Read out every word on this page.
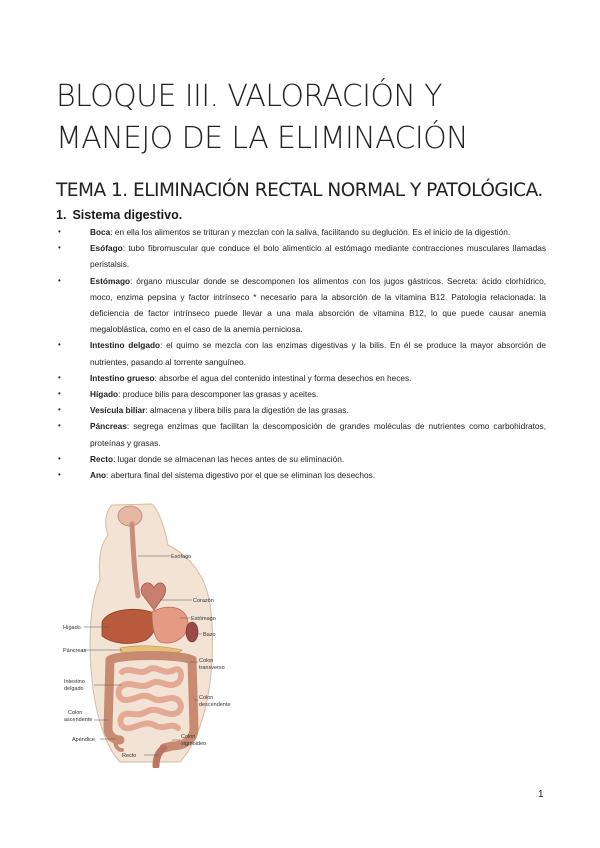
BLOQUE III. VALORACIÓN Y
MANEJO DE LA ELIMINACIÓN
TEMA 1. ELIMINACIÓN RECTAL NORMAL Y PATOLÓGICA.
1. Sistema digestivo.
•	Boca: en ella los alimentos se trituran y mezclan con la saliva, facilitando su deglución. Es el inicio de la digestión.
•	Esófago: tubo fibromuscular que conduce el bolo alimenticio al estómago mediante contracciones musculares llamadas peristalsis.
•	Estómago: órgano muscular donde se descomponen los alimentos con los jugos gástricos. Secreta: ácido clorhídrico, moco, enzima pepsina y factor intrínseco * necesario para la absorción de la vitamina B12. Patología relacionada: la deficiencia de factor intrínseco puede llevar a una mala absorción de vitamina B12, lo que puede causar anemia megaloblástica, como en el caso de la anemia perniciosa.
•	Intestino delgado: el quimo se mezcla con las enzimas digestivas y la bilis. En él se produce la mayor absorción de nutrientes, pasando al torrente sanguíneo.
•	Intestino grueso: absorbe el agua del contenido intestinal y forma desechos en heces.
•	Hígado: produce bilis para descomponer las grasas y aceites.
•	Vesícula biliar: almacena y libera bilis para la digestión de las grasas.
•	Páncreas: segrega enzimas que facilitan la descomposición de grandes moléculas de nutrientes como carbohidratos, proteínas y grasas.
•	Recto: lugar donde se almacenan las heces antes de su eliminación.
•	Ano: abertura final del sistema digestivo por el que se eliminan los desechos.
Esófago
Corazón
Estómago
Bazo
Hígado
Páncreas
Colon
transverso
Intestino
delgado
Colon
descendente
Colon
ascendente
Apéndice	Colon
sigmoideo
Recto
1
